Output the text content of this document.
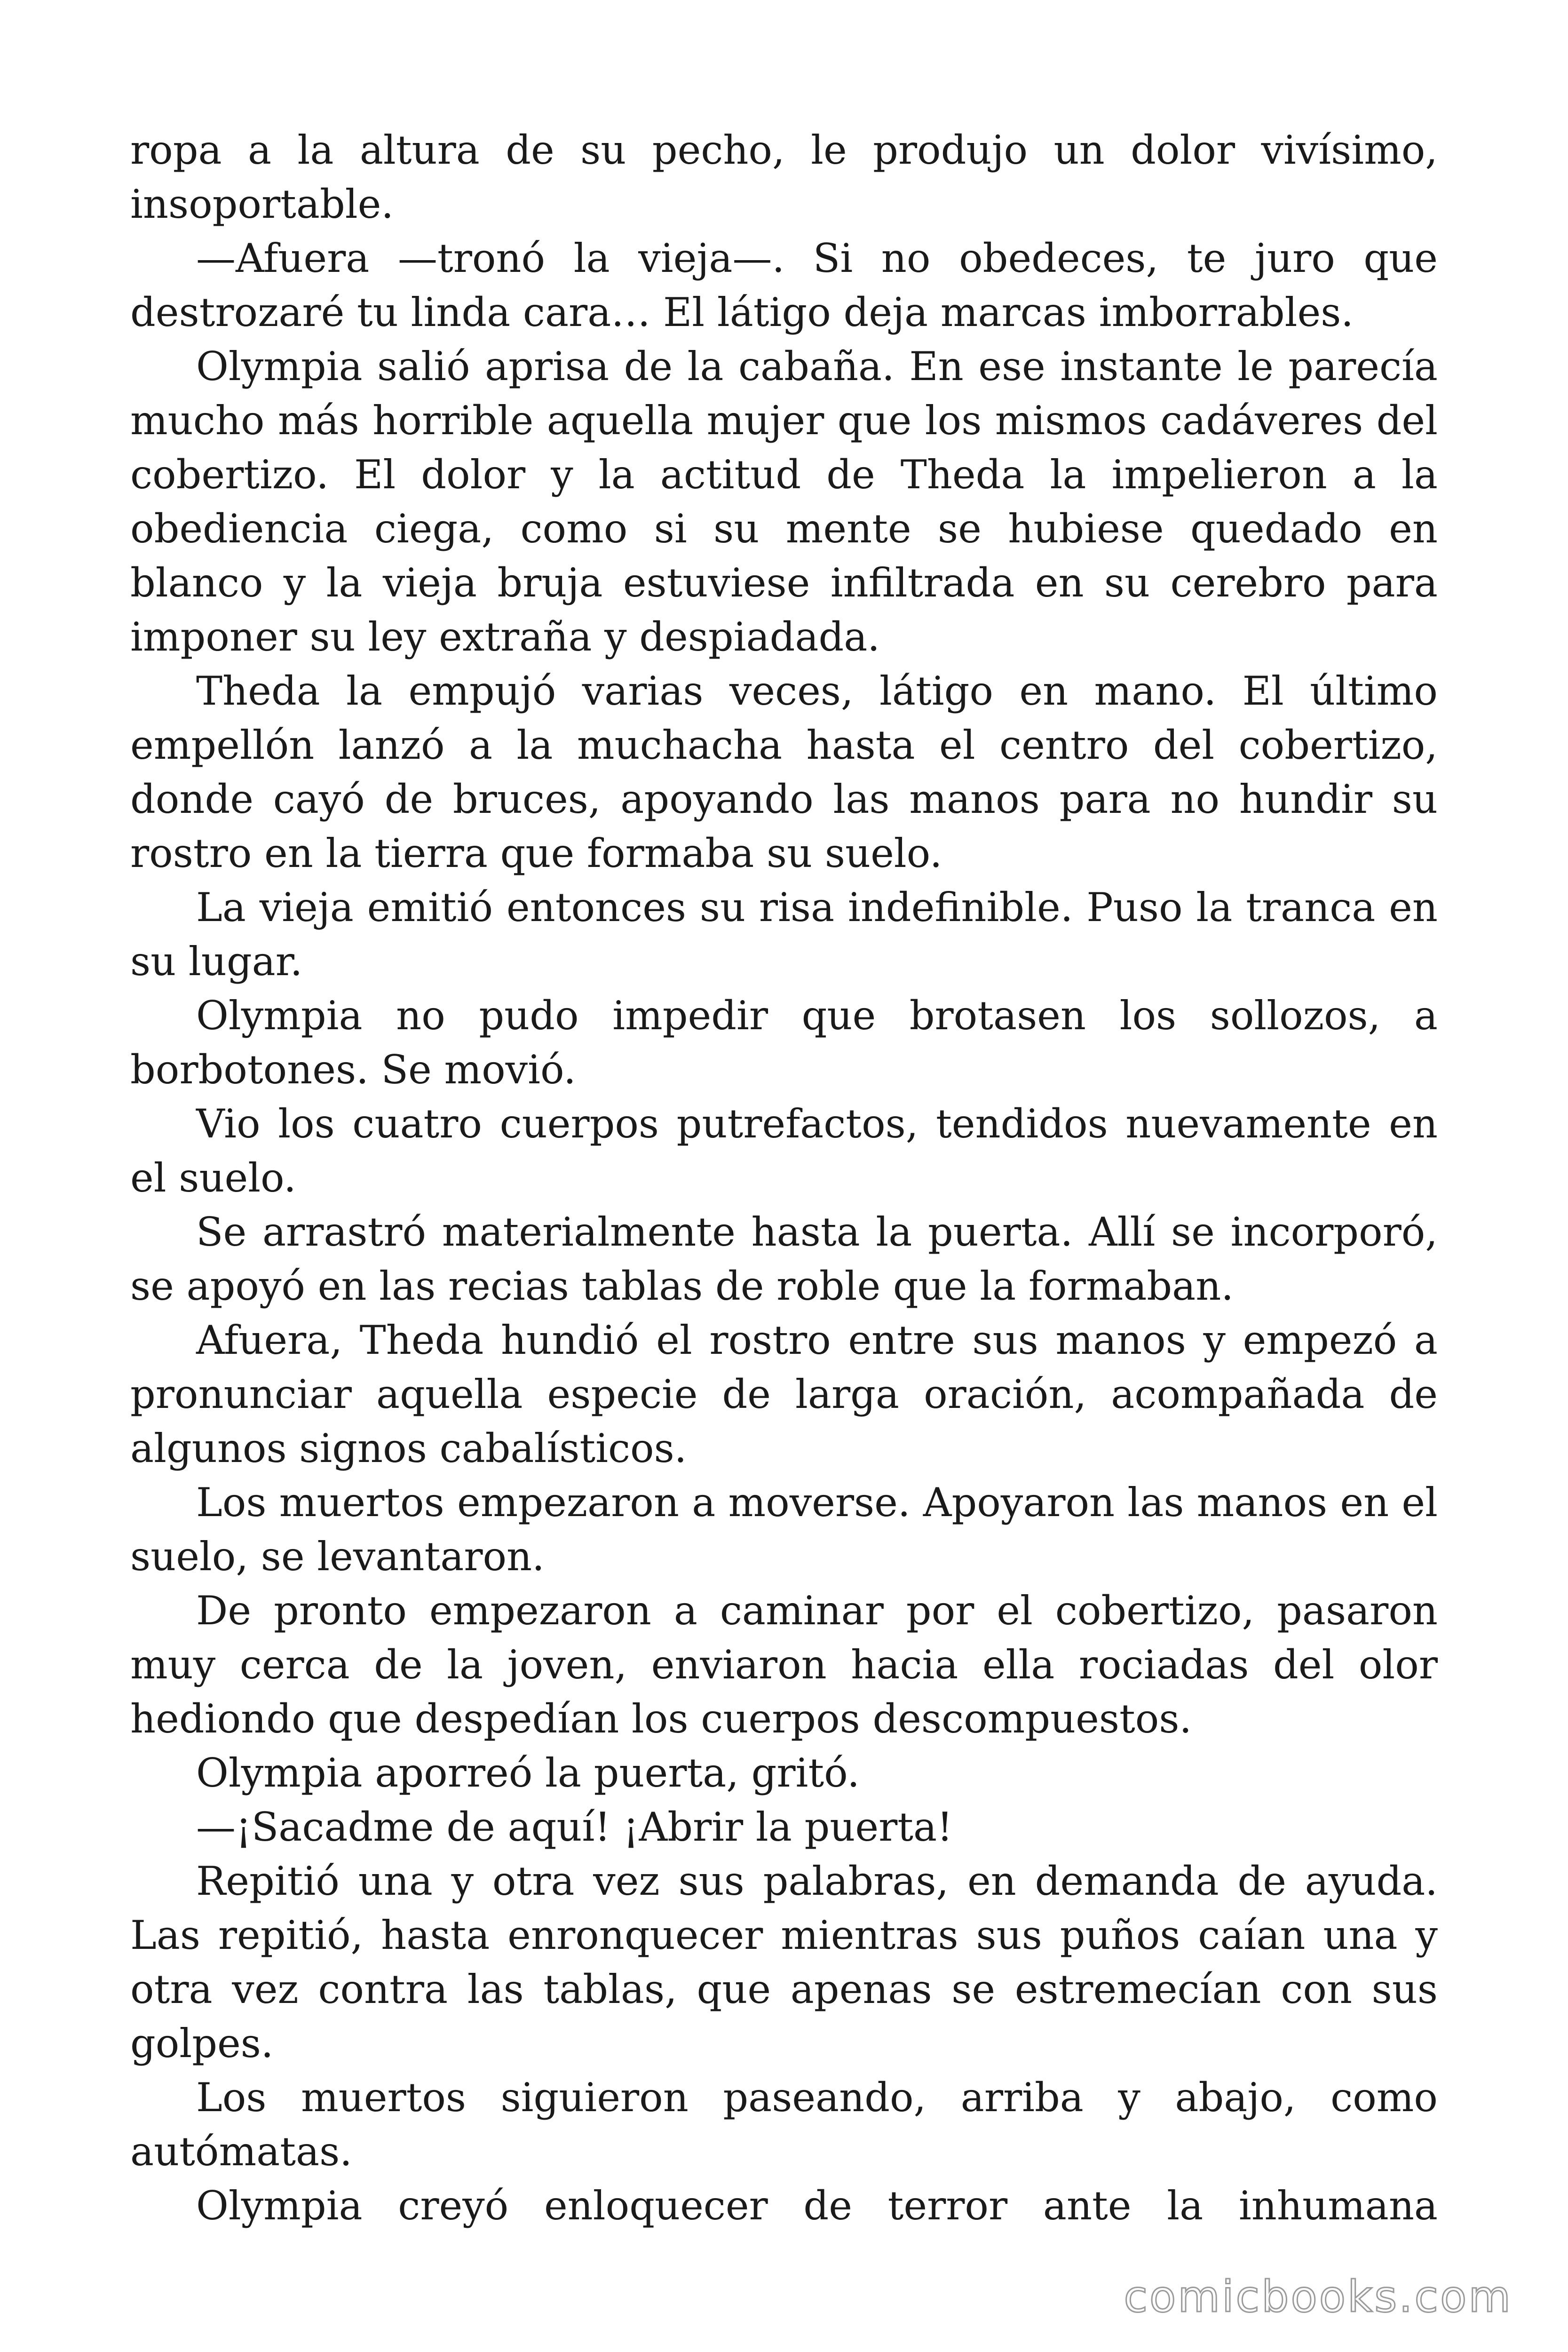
ropa a la altura de su pecho, le produjo un dolor vivísimo, insoportable.

—Afuera —tronó la vieja—. Si no obedeces, te juro que destrozaré tu linda cara… El látigo deja marcas imborrables.

Olympia salió aprisa de la cabaña. En ese instante le parecía mucho más horrible aquella mujer que los mismos cadáveres del cobertizo. El dolor y la actitud de Theda la impelieron a la obediencia ciega, como si su mente se hubiese quedado en blanco y la vieja bruja estuviese infiltrada en su cerebro para imponer su ley extraña y despiadada.

Theda la empujó varias veces, látigo en mano. El último empellón lanzó a la muchacha hasta el centro del cobertizo, donde cayó de bruces, apoyando las manos para no hundir su rostro en la tierra que formaba su suelo.

La vieja emitió entonces su risa indefinible. Puso la tranca en su lugar.

Olympia no pudo impedir que brotasen los sollozos, a borbotones. Se movió.

Vio los cuatro cuerpos putrefactos, tendidos nuevamente en el suelo.

Se arrastró materialmente hasta la puerta. Allí se incorporó, se apoyó en las recias tablas de roble que la formaban.

Afuera, Theda hundió el rostro entre sus manos y empezó a pronunciar aquella especie de larga oración, acompañada de algunos signos cabalísticos.

Los muertos empezaron a moverse. Apoyaron las manos en el suelo, se levantaron.

De pronto empezaron a caminar por el cobertizo, pasaron muy cerca de la joven, enviaron hacia ella rociadas del olor hediondo que despedían los cuerpos descompuestos.

Olympia aporreó la puerta, gritó.

—¡Sacadme de aquí! ¡Abrir la puerta!

Repitió una y otra vez sus palabras, en demanda de ayuda. Las repitió, hasta enronquecer mientras sus puños caían una y otra vez contra las tablas, que apenas se estremecían con sus golpes.

Los muertos siguieron paseando, arriba y abajo, como autómatas.

Olympia creyó enloquecer de terror ante la inhumana

comicbooks.com
